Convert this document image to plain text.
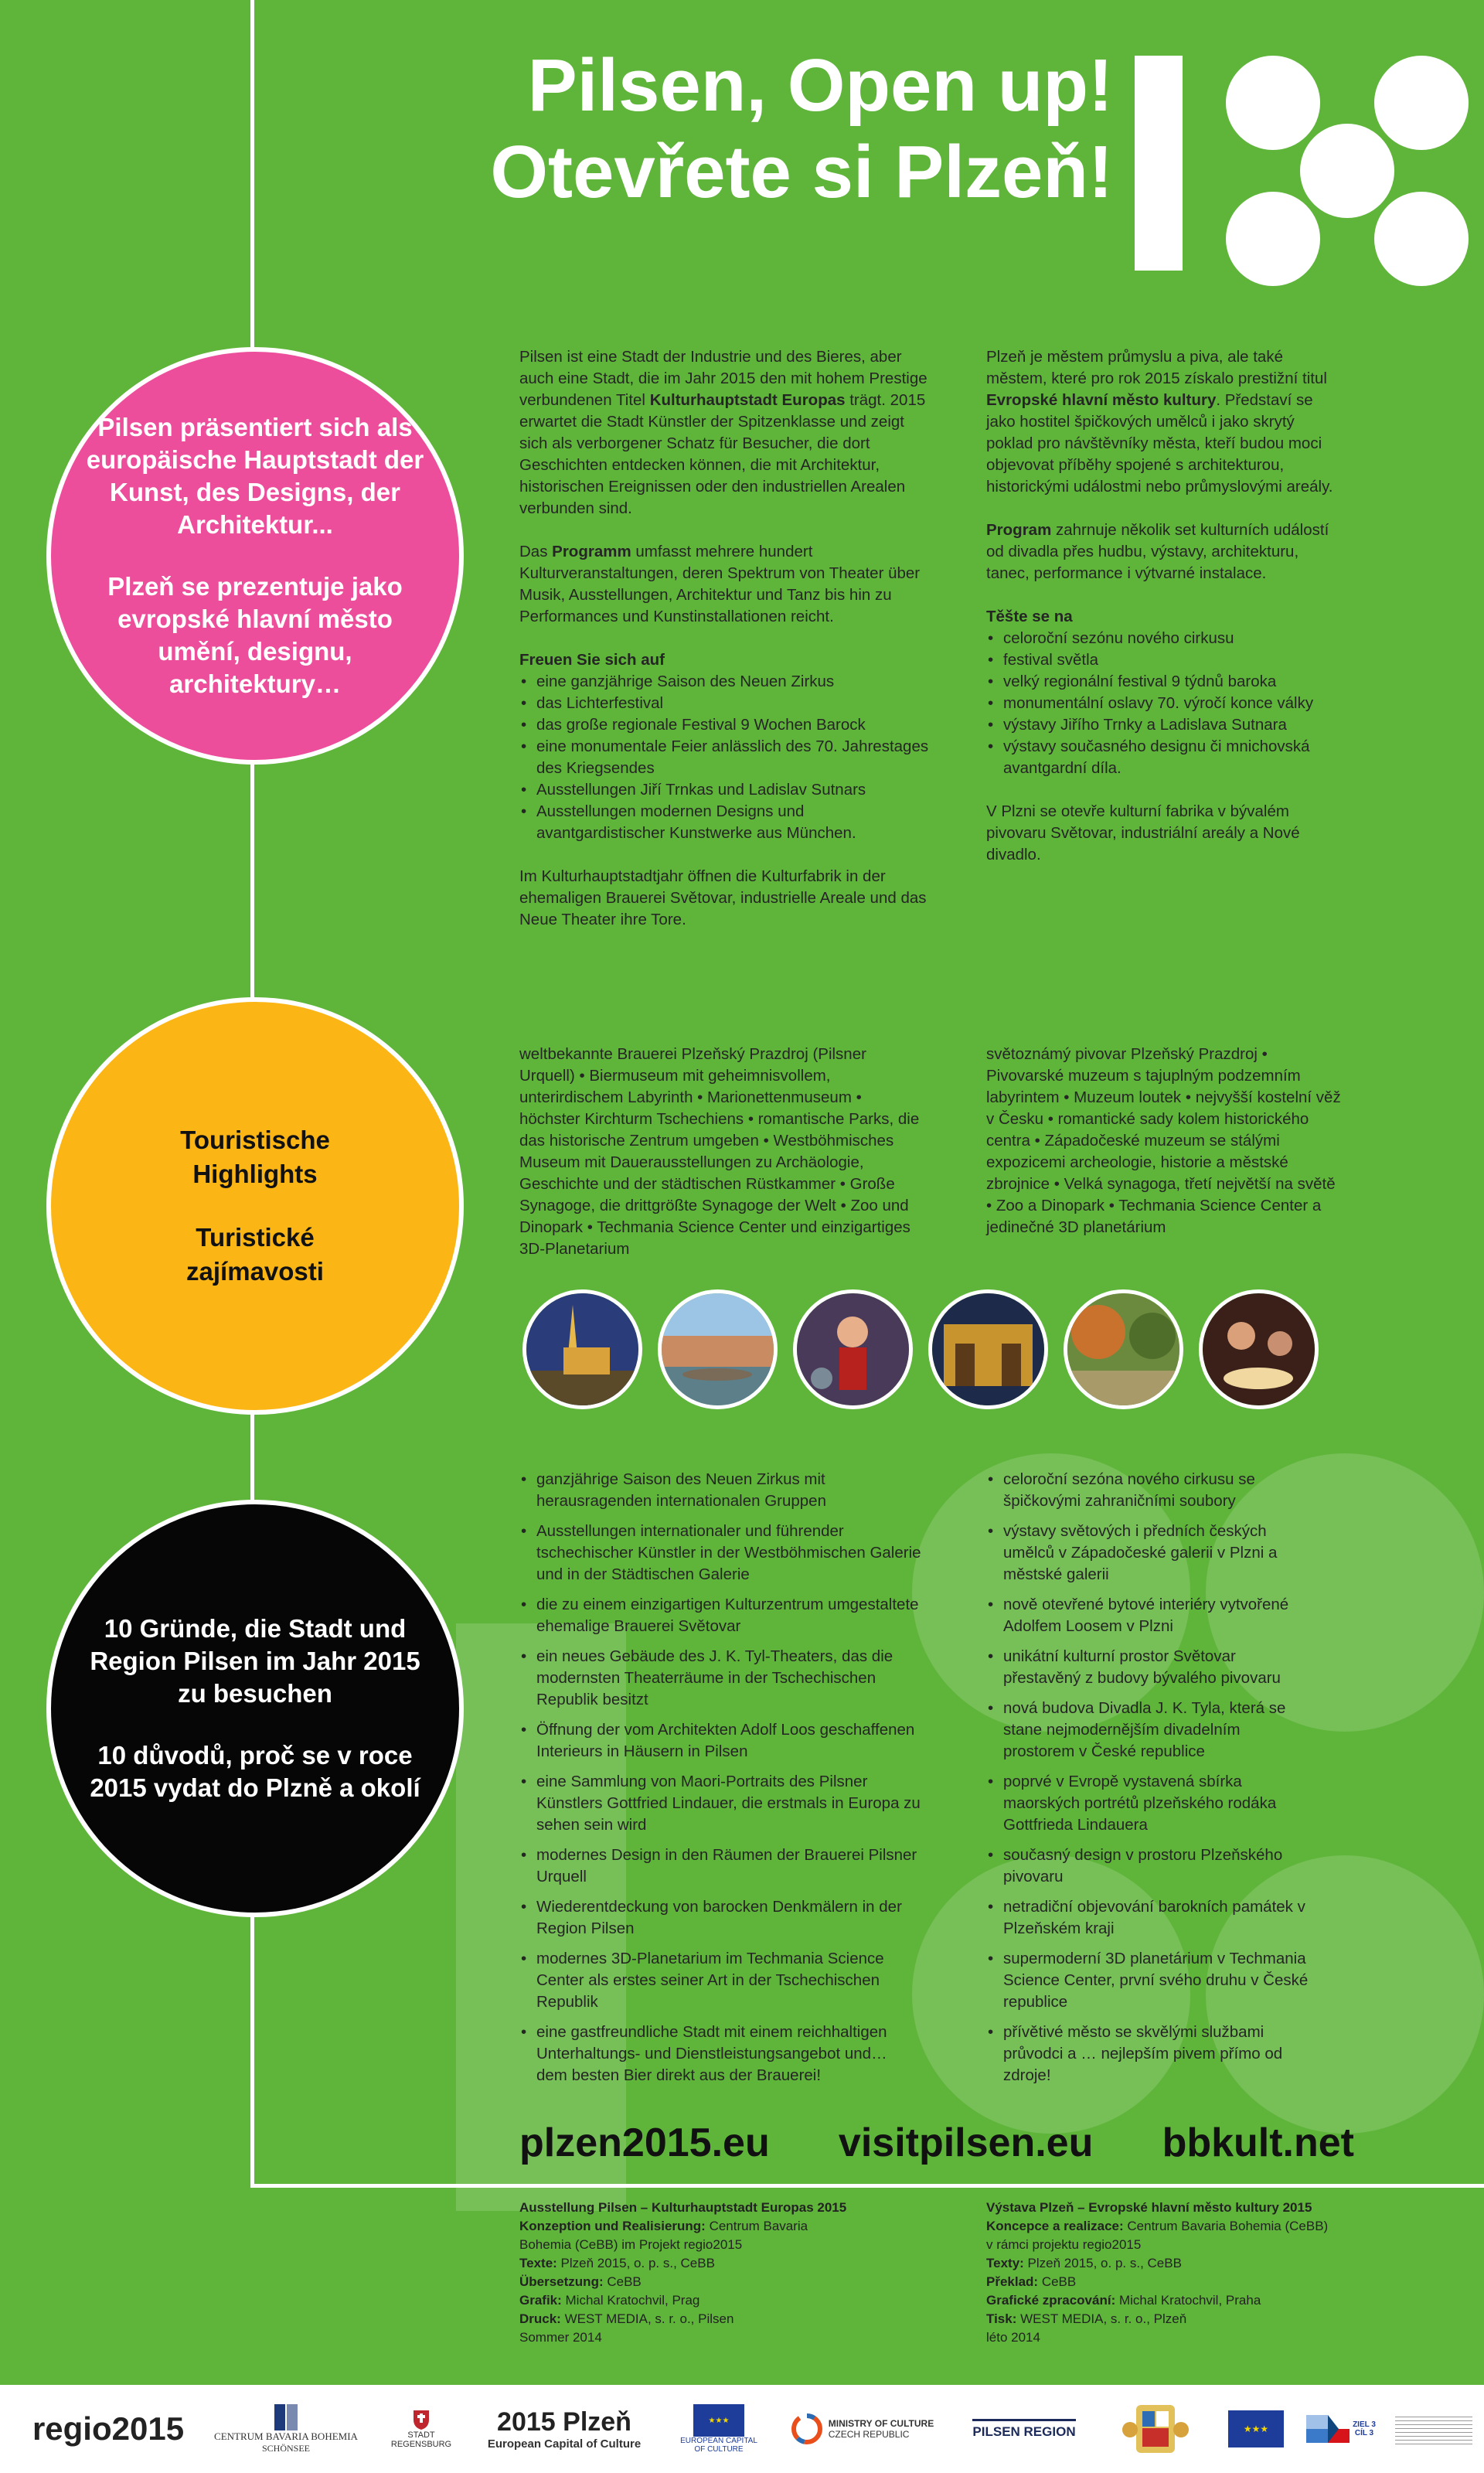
Pilsen, Open up!
Otevřete si Plzeň!

Pilsen präsentiert sich als europäische Hauptstadt der Kunst, des Designs, der Architektur...

Plzeň se prezentuje jako evropské hlavní město umění, designu, architektury…

Pilsen ist eine Stadt der Industrie und des Bieres, aber auch eine Stadt, die im Jahr 2015 den mit hohem Prestige verbundenen Titel Kulturhauptstadt Europas trägt. 2015 erwartet die Stadt Künstler der Spitzenklasse und zeigt sich als verborgener Schatz für Besucher, die dort Geschichten entdecken können, die mit Architektur, historischen Ereignissen oder den industriellen Arealen verbunden sind.

Das Programm umfasst mehrere hundert Kulturveranstaltungen, deren Spektrum von Theater über Musik, Ausstellungen, Architektur und Tanz bis hin zu Performances und Kunstinstallationen reicht.

Freuen Sie sich auf
• eine ganzjährige Saison des Neuen Zirkus
• das Lichterfestival
• das große regionale Festival 9 Wochen Barock
• eine monumentale Feier anlässlich des 70. Jahrestages des Kriegsendes
• Ausstellungen Jiří Trnkas und Ladislav Sutnars
• Ausstellungen modernen Designs und avantgardistischer Kunstwerke aus München.

Im Kulturhauptstadtjahr öffnen die Kulturfabrik in der ehemaligen Brauerei Světovar, industrielle Areale und das Neue Theater ihre Tore.

Plzeň je městem průmyslu a piva, ale také městem, které pro rok 2015 získalo prestižní titul Evropské hlavní město kultury. Představí se jako hostitel špičkových umělců i jako skrytý poklad pro návštěvníky města, kteří budou moci objevovat příběhy spojené s architekturou, historickými událostmi nebo průmyslovými areály.

Program zahrnuje několik set kulturních událostí od divadla přes hudbu, výstavy, architekturu, tanec, performance i výtvarné instalace.

Těšte se na
• celoroční sezónu nového cirkusu
• festival světla
• velký regionální festival 9 týdnů baroka
• monumentální oslavy 70. výročí konce války
• výstavy Jiřího Trnky a Ladislava Sutnara
• výstavy současného designu či mnichovská avantgardní díla.

V Plzni se otevře kulturní fabrika v bývalém pivovaru Světovar, industriální areály a Nové divadlo.

Touristische Highlights

Turistické zajímavosti

weltbekannte Brauerei Plzeňský Prazdroj (Pilsner Urquell) • Biermuseum mit geheimnisvollem, unterirdischem Labyrinth • Marionettenmuseum • höchster Kirchturm Tschechiens • romantische Parks, die das historische Zentrum umgeben • Westböhmisches Museum mit Dauerausstellungen zu Archäologie, Geschichte und der städtischen Rüstkammer • Große Synagoge, die drittgrößte Synagoge der Welt • Zoo und Dinopark • Techmania Science Center und einzigartiges 3D-Planetarium

světoznámý pivovar Plzeňský Prazdroj • Pivovarské muzeum s tajuplným podzemním labyrintem • Muzeum loutek • nejvyšší kostelní věž v Česku • romantické sady kolem historického centra • Západočeské muzeum se stálými expozicemi archeologie, historie a městské zbrojnice • Velká synagoga, třetí největší na světě • Zoo a Dinopark • Techmania Science Center a jedinečné 3D planetárium

10 Gründe, die Stadt und Region Pilsen im Jahr 2015 zu besuchen

10 důvodů, proč se v roce 2015 vydat do Plzně a okolí

• ganzjährige Saison des Neuen Zirkus mit herausragenden internationalen Gruppen
• Ausstellungen internationaler und führender tschechischer Künstler in der Westböhmischen Galerie und in der Städtischen Galerie
• die zu einem einzigartigen Kulturzentrum umgestaltete ehemalige Brauerei Světovar
• ein neues Gebäude des J. K. Tyl-Theaters, das die modernsten Theaterräume in der Tschechischen Republik besitzt
• Öffnung der vom Architekten Adolf Loos geschaffenen Interieurs in Häusern in Pilsen
• eine Sammlung von Maori-Portraits des Pilsner Künstlers Gottfried Lindauer, die erstmals in Europa zu sehen sein wird
• modernes Design in den Räumen der Brauerei Pilsner Urquell
• Wiederentdeckung von barocken Denkmälern in der Region Pilsen
• modernes 3D-Planetarium im Techmania Science Center als erstes seiner Art in der Tschechischen Republik
• eine gastfreundliche Stadt mit einem reichhaltigen Unterhaltungs- und Dienstleistungsangebot und… dem besten Bier direkt aus der Brauerei!
• celoroční sezóna nového cirkusu se špičkovými zahraničními soubory
• výstavy světových i předních českých umělců v Západočeské galerii v Plzni a městské galerii
• nově otevřené bytové interiéry vytvořené Adolfem Loosem v Plzni
• unikátní kulturní prostor Světovar přestavěný z budovy bývalého pivovaru
• nová budova Divadla J. K. Tyla, která se stane nejmodernějším divadelním prostorem v České republice
• poprvé v Evropě vystavená sbírka maorských portrétů plzeňského rodáka Gottfrieda Lindauera
• současný design v prostoru Plzeňského pivovaru
• netradiční objevování barokních památek v Plzeňském kraji
• supermoderní 3D planetárium v Techmania Science Center, první svého druhu v České republice
• přívětivé město se skvělými službami průvodci a … nejlepším pivem přímo od zdroje!
plzen2015.eu visitpilsen.eu bbkult.net
Ausstellung Pilsen – Kulturhauptstadt Europas 2015
Konzeption und Realisierung: Centrum Bavaria
Bohemia (CeBB) im Projekt regio2015
Texte: Plzeň 2015, o. p. s., CeBB
Übersetzung: CeBB
Grafik: Michal Kratochvil, Prag
Druck: WEST MEDIA, s. r. o., Pilsen
Sommer 2014
Výstava Plzeň – Evropské hlavní město kultury 2015
Koncepce a realizace: Centrum Bavaria Bohemia (CeBB)
v rámci projektu regio2015
Texty: Plzeň 2015, o. p. s., CeBB
Překlad: CeBB
Grafické zpracování: Michal Kratochvil, Praha
Tisk: WEST MEDIA, s. r. o., Plzeň
léto 2014
regio2015	CENTRUM BAVARIA BOHEMIA
SCHÖNSEE
STADT
REGENSBURG
2015 Plzeň
European Capital of Culture
★★★
EUROPEAN CAPITAL
OF CULTURE
MINISTRY OF CULTURE
CZECH REPUBLIC	PILSEN REGION	★★★	ZIEL 3
CÍL 3
